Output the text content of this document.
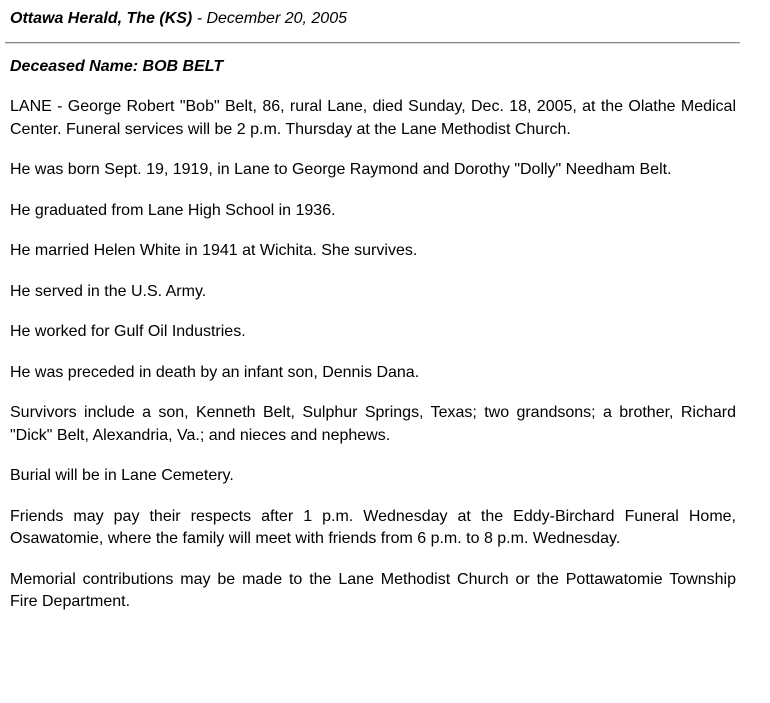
Ottawa Herald, The (KS) - December 20, 2005
Deceased Name: BOB BELT

LANE - George Robert "Bob" Belt, 86, rural Lane, died Sunday, Dec. 18, 2005, at the Olathe Medical Center. Funeral services will be 2 p.m. Thursday at the Lane Methodist Church.

He was born Sept. 19, 1919, in Lane to George Raymond and Dorothy "Dolly" Needham Belt.

He graduated from Lane High School in 1936.

He married Helen White in 1941 at Wichita. She survives.

He served in the U.S. Army.

He worked for Gulf Oil Industries.

He was preceded in death by an infant son, Dennis Dana.

Survivors include a son, Kenneth Belt, Sulphur Springs, Texas; two grandsons; a brother, Richard "Dick" Belt, Alexandria, Va.; and nieces and nephews.

Burial will be in Lane Cemetery.

Friends may pay their respects after 1 p.m. Wednesday at the Eddy-Birchard Funeral Home, Osawatomie, where the family will meet with friends from 6 p.m. to 8 p.m. Wednesday.

Memorial contributions may be made to the Lane Methodist Church or the Pottawatomie Township Fire Department.
